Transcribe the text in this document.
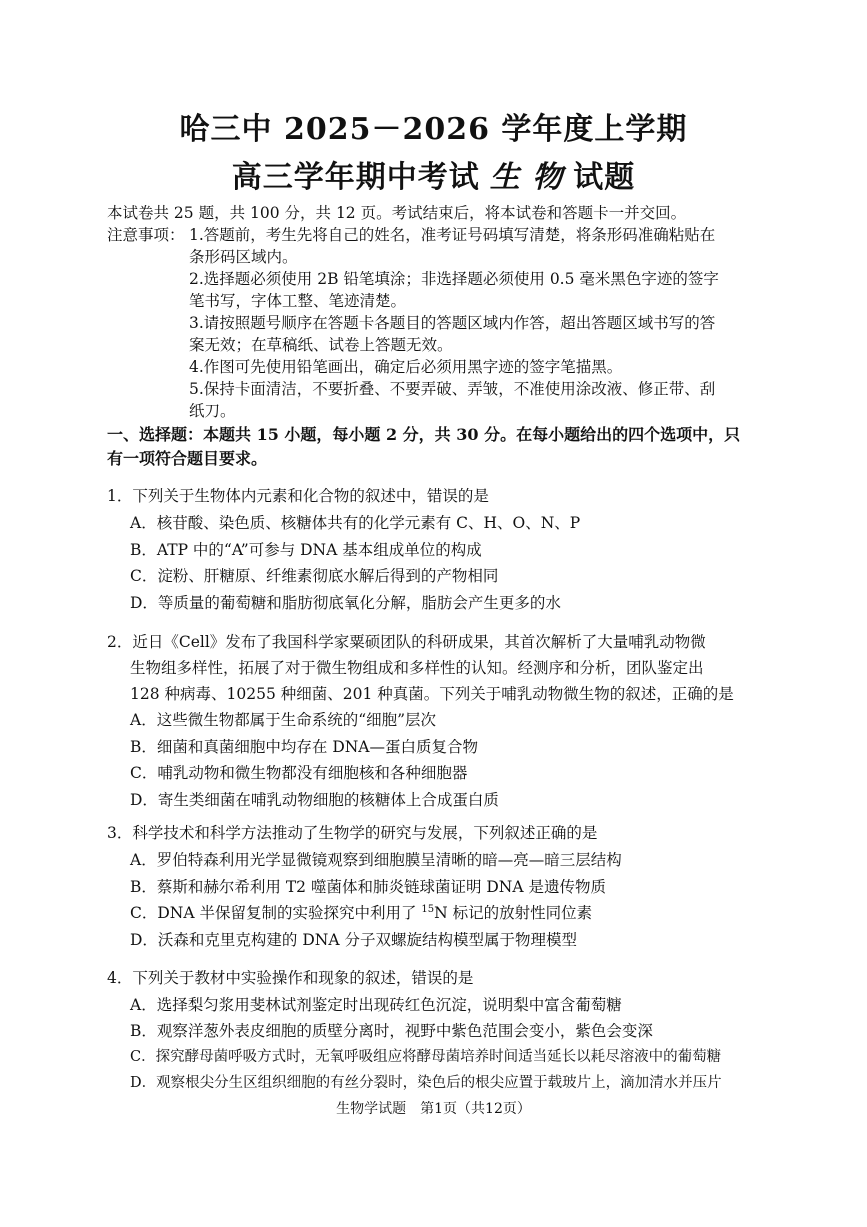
哈三中 2025－2026 学年度上学期
高三学年期中考试 生 物 试题
本试卷共 25 题，共 100 分，共 12 页。考试结束后，将本试卷和答题卡一并交回。
注意事项： 1.答题前，考生先将自己的姓名，准考证号码填写清楚，将条形码准确粘贴在
条形码区域内。
2.选择题必须使用 2B 铅笔填涂；非选择题必须使用 0.5 毫米黑色字迹的签字
笔书写，字体工整、笔迹清楚。
3.请按照题号顺序在答题卡各题目的答题区域内作答，超出答题区域书写的答
案无效；在草稿纸、试卷上答题无效。
4.作图可先使用铅笔画出，确定后必须用黑字迹的签字笔描黑。
5.保持卡面清洁，不要折叠、不要弄破、弄皱，不准使用涂改液、修正带、刮
纸刀。
一、选择题：本题共 15 小题，每小题 2 分，共 30 分。在每小题给出的四个选项中，只
有一项符合题目要求。
1．下列关于生物体内元素和化合物的叙述中，错误的是
A．核苷酸、染色质、核糖体共有的化学元素有 C、H、O、N、P
B．ATP 中的“A”可参与 DNA 基本组成单位的构成
C．淀粉、肝糖原、纤维素彻底水解后得到的产物相同
D．等质量的葡萄糖和脂肪彻底氧化分解，脂肪会产生更多的水
2．近日《Cell》发布了我国科学家粟硕团队的科研成果，其首次解析了大量哺乳动物微
生物组多样性，拓展了对于微生物组成和多样性的认知。经测序和分析，团队鉴定出
128 种病毒、10255 种细菌、201 种真菌。下列关于哺乳动物微生物的叙述，正确的是
A．这些微生物都属于生命系统的“细胞”层次
B．细菌和真菌细胞中均存在 DNA—蛋白质复合物
C．哺乳动物和微生物都没有细胞核和各种细胞器
D．寄生类细菌在哺乳动物细胞的核糖体上合成蛋白质
3．科学技术和科学方法推动了生物学的研究与发展，下列叙述正确的是
A．罗伯特森利用光学显微镜观察到细胞膜呈清晰的暗—亮—暗三层结构
B．蔡斯和赫尔希利用 T2 噬菌体和肺炎链球菌证明 DNA 是遗传物质
C．DNA 半保留复制的实验探究中利用了 $^{15}$N 标记的放射性同位素
D．沃森和克里克构建的 DNA 分子双螺旋结构模型属于物理模型
4．下列关于教材中实验操作和现象的叙述，错误的是
A．选择梨匀浆用斐林试剂鉴定时出现砖红色沉淀，说明梨中富含葡萄糖
B．观察洋葱外表皮细胞的质壁分离时，视野中紫色范围会变小，紫色会变深
C．探究酵母菌呼吸方式时，无氧呼吸组应将酵母菌培养时间适当延长以耗尽溶液中的葡萄糖
D．观察根尖分生区组织细胞的有丝分裂时，染色后的根尖应置于载玻片上，滴加清水并压片
生物学试题　第1页（共12页）
